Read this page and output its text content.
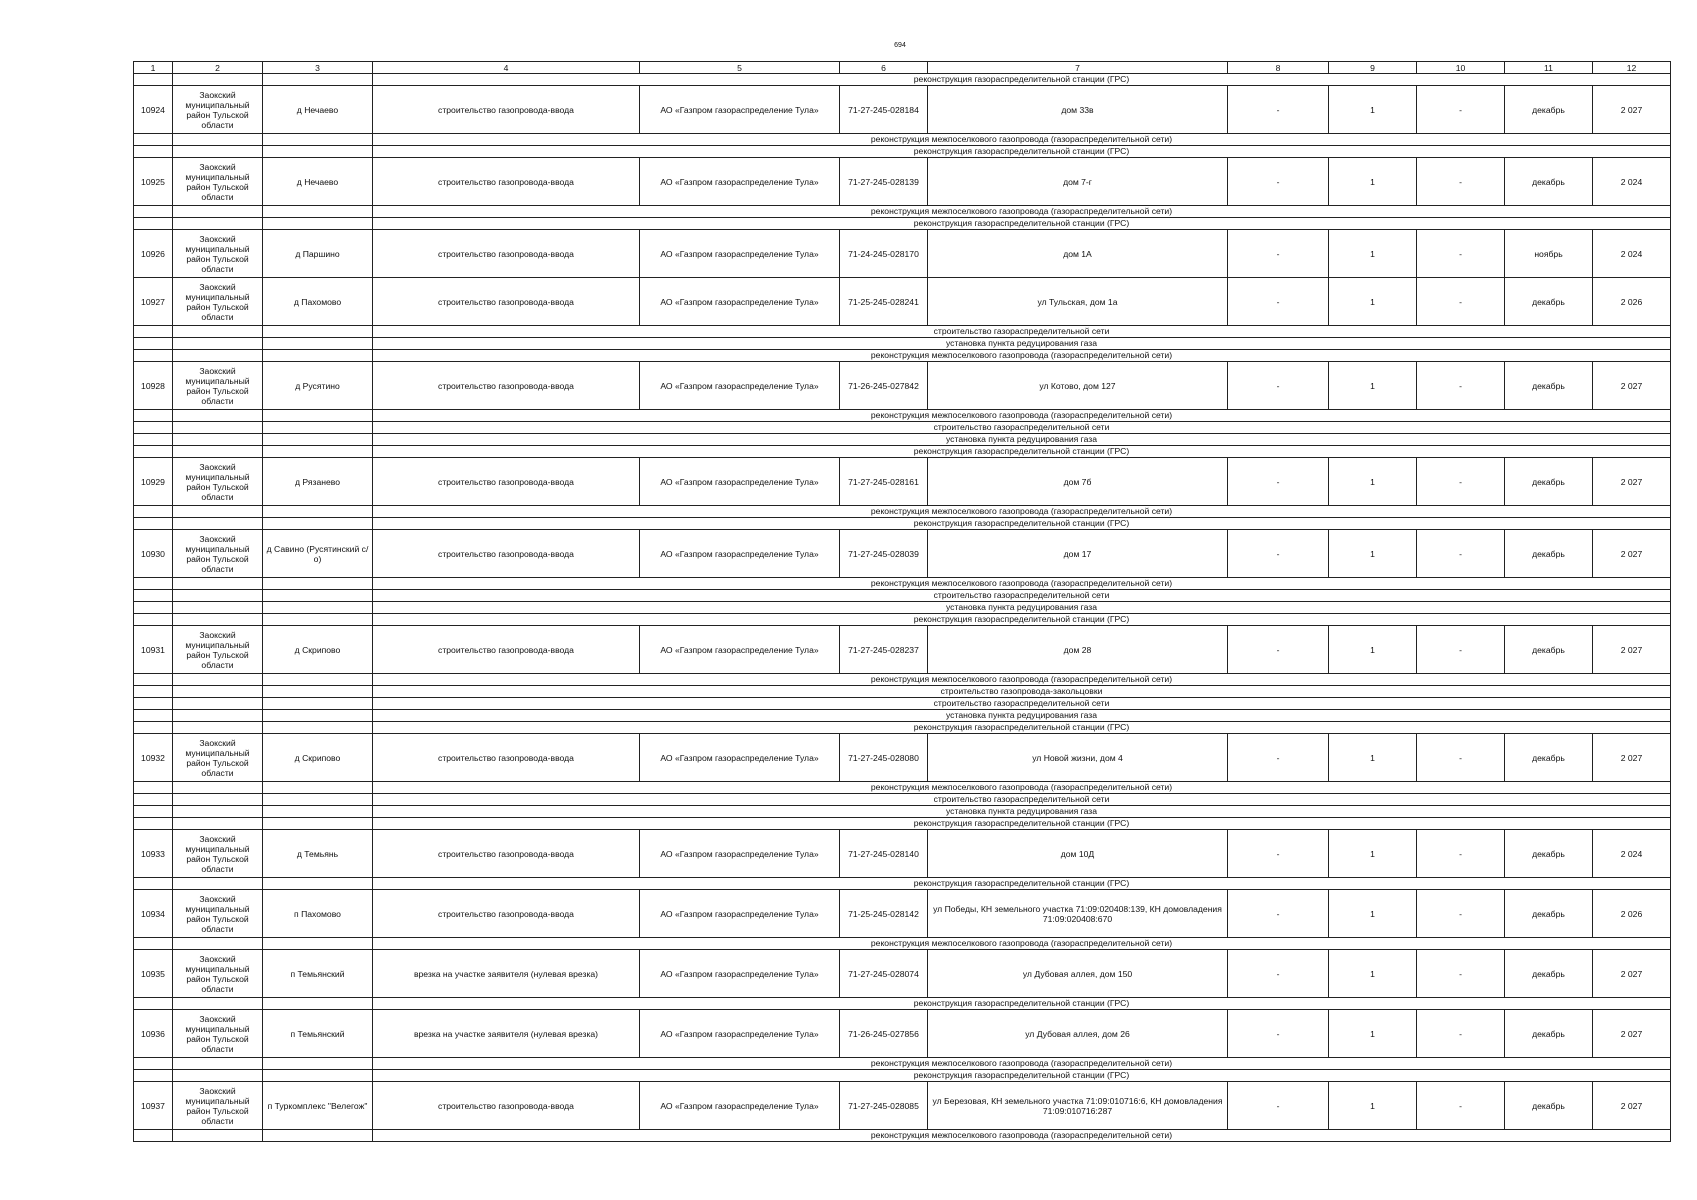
694
1	2	3	4	5	6	7	8	9	10	11	12
			реконструкция газораспределительной станции (ГРС)								
10924	Заокский муниципальный район Тульской области	д Нечаево	строительство газопровода-ввода	АО «Газпром газораспределение Тула»	71-27-245-028184	дом 33в	-	1	-	декабрь	2 027
			реконструкция межпоселкового газопровода (газораспределительной сети)								
			реконструкция газораспределительной станции (ГРС)								
10925	Заокский муниципальный район Тульской области	д Нечаево	строительство газопровода-ввода	АО «Газпром газораспределение Тула»	71-27-245-028139	дом 7-г	-	1	-	декабрь	2 024
			реконструкция межпоселкового газопровода (газораспределительной сети)								
			реконструкция газораспределительной станции (ГРС)								
10926	Заокский муниципальный район Тульской области	д Паршино	строительство газопровода-ввода	АО «Газпром газораспределение Тула»	71-24-245-028170	дом 1А	-	1	-	ноябрь	2 024
10927	Заокский муниципальный район Тульской области	д Пахомово	строительство газопровода-ввода	АО «Газпром газораспределение Тула»	71-25-245-028241	ул Тульская, дом 1а	-	1	-	декабрь	2 026
			строительство газораспределительной сети								
			установка пункта редуцирования газа								
			реконструкция межпоселкового газопровода (газораспределительной сети)								
10928	Заокский муниципальный район Тульской области	д Русятино	строительство газопровода-ввода	АО «Газпром газораспределение Тула»	71-26-245-027842	ул Котово, дом 127	-	1	-	декабрь	2 027
			реконструкция межпоселкового газопровода (газораспределительной сети)								
			строительство газораспределительной сети								
			установка пункта редуцирования газа								
			реконструкция газораспределительной станции (ГРС)								
10929	Заокский муниципальный район Тульской области	д Рязанево	строительство газопровода-ввода	АО «Газпром газораспределение Тула»	71-27-245-028161	дом 7б	-	1	-	декабрь	2 027
			реконструкция межпоселкового газопровода (газораспределительной сети)								
			реконструкция газораспределительной станции (ГРС)								
10930	Заокский муниципальный район Тульской области	д Савино (Русятинский с/о)	строительство газопровода-ввода	АО «Газпром газораспределение Тула»	71-27-245-028039	дом 17	-	1	-	декабрь	2 027
			реконструкция межпоселкового газопровода (газораспределительной сети)								
			строительство газораспределительной сети								
			установка пункта редуцирования газа								
			реконструкция газораспределительной станции (ГРС)								
10931	Заокский муниципальный район Тульской области	д Скрипово	строительство газопровода-ввода	АО «Газпром газораспределение Тула»	71-27-245-028237	дом 28	-	1	-	декабрь	2 027
			реконструкция межпоселкового газопровода (газораспределительной сети)								
			строительство газопровода-закольцовки								
			строительство газораспределительной сети								
			установка пункта редуцирования газа								
			реконструкция газораспределительной станции (ГРС)								
10932	Заокский муниципальный район Тульской области	д Скрипово	строительство газопровода-ввода	АО «Газпром газораспределение Тула»	71-27-245-028080	ул Новой жизни, дом 4	-	1	-	декабрь	2 027
			реконструкция межпоселкового газопровода (газораспределительной сети)								
			строительство газораспределительной сети								
			установка пункта редуцирования газа								
			реконструкция газораспределительной станции (ГРС)								
10933	Заокский муниципальный район Тульской области	д Темьянь	строительство газопровода-ввода	АО «Газпром газораспределение Тула»	71-27-245-028140	дом 10Д	-	1	-	декабрь	2 024
			реконструкция газораспределительной станции (ГРС)								
10934	Заокский муниципальный район Тульской области	п Пахомово	строительство газопровода-ввода	АО «Газпром газораспределение Тула»	71-25-245-028142	ул Победы, КН земельного участка 71:09:020408:139, КН домовладения 71:09:020408:670	-	1	-	декабрь	2 026
			реконструкция межпоселкового газопровода (газораспределительной сети)								
10935	Заокский муниципальный район Тульской области	п Темьянский	врезка на участке заявителя (нулевая врезка)	АО «Газпром газораспределение Тула»	71-27-245-028074	ул Дубовая аллея, дом 150	-	1	-	декабрь	2 027
			реконструкция газораспределительной станции (ГРС)								
10936	Заокский муниципальный район Тульской области	п Темьянский	врезка на участке заявителя (нулевая врезка)	АО «Газпром газораспределение Тула»	71-26-245-027856	ул Дубовая аллея, дом 26	-	1	-	декабрь	2 027
			реконструкция межпоселкового газопровода (газораспределительной сети)								
			реконструкция газораспределительной станции (ГРС)								
10937	Заокский муниципальный район Тульской области	п Туркомплекс "Велегож"	строительство газопровода-ввода	АО «Газпром газораспределение Тула»	71-27-245-028085	ул Березовая, КН земельного участка 71:09:010716:6, КН домовладения 71:09:010716:287	-	1	-	декабрь	2 027
			реконструкция межпоселкового газопровода (газораспределительной сети)								
